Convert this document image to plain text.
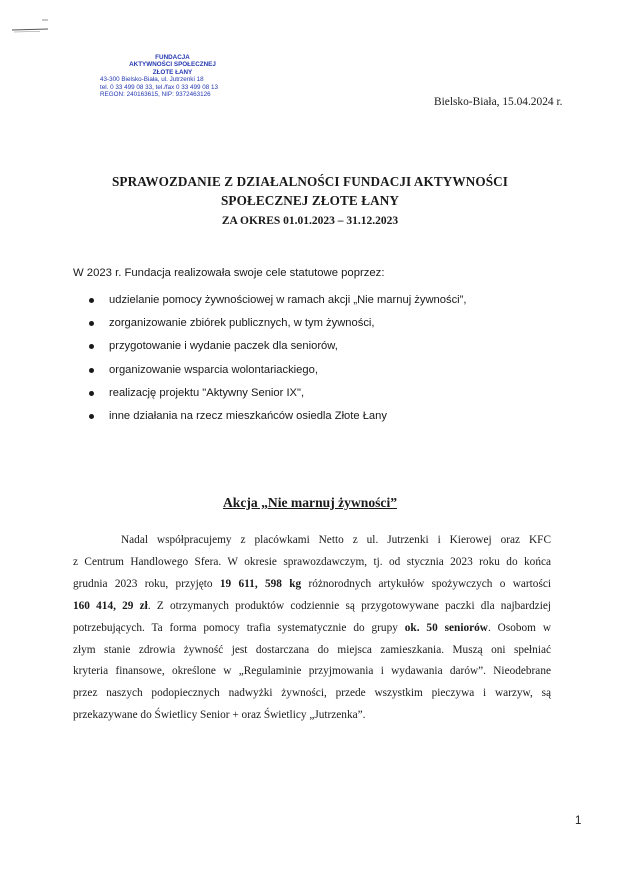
FUNDACJA
AKTYWNOŚCI SPOŁECZNEJ
ZŁOTE ŁANY
43-300 Bielsko-Biała, ul. Jutrzenki 18
tel. 0 33 499 08 33, tel./fax 0 33 499 08 13
REGON: 240163615, NIP: 9372463126
Bielsko-Biała, 15.04.2024 r.
SPRAWOZDANIE Z DZIAŁALNOŚCI FUNDACJI AKTYWNOŚCI
SPOŁECZNEJ ZŁOTE ŁANY
ZA OKRES 01.01.2023 – 31.12.2023
W 2023 r. Fundacja realizowała swoje cele statutowe poprzez:
udzielanie pomocy żywnościowej w ramach akcji „Nie marnuj żywności”,
zorganizowanie zbiórek publicznych, w tym żywności,
przygotowanie i wydanie paczek dla seniorów,
organizowanie wsparcia wolontariackiego,
realizację projektu "Aktywny Senior IX",
inne działania na rzecz mieszkańców osiedla Złote Łany
Akcja „Nie marnuj żywności”
Nadal współpracujemy z placówkami Netto z ul. Jutrzenki i Kierowej oraz KFC
z Centrum Handlowego Sfera. W okresie sprawozdawczym, tj. od stycznia 2023 roku do końca
grudnia 2023 roku, przyjęto 19 611, 598 kg różnorodnych artykułów spożywczych o wartości
160 414, 29 zł. Z otrzymanych produktów codziennie są przygotowywane paczki dla najbardziej
potrzebujących. Ta forma pomocy trafia systematycznie do grupy ok. 50 seniorów. Osobom w
złym stanie zdrowia żywność jest dostarczana do miejsca zamieszkania. Muszą oni spełniać
kryteria finansowe, określone w „Regulaminie przyjmowania i wydawania darów”. Nieodebrane
przez naszych podopiecznych nadwyżki żywności, przede wszystkim pieczywa i warzyw, są
przekazywane do Świetlicy Senior + oraz Świetlicy „Jutrzenka”.
1
